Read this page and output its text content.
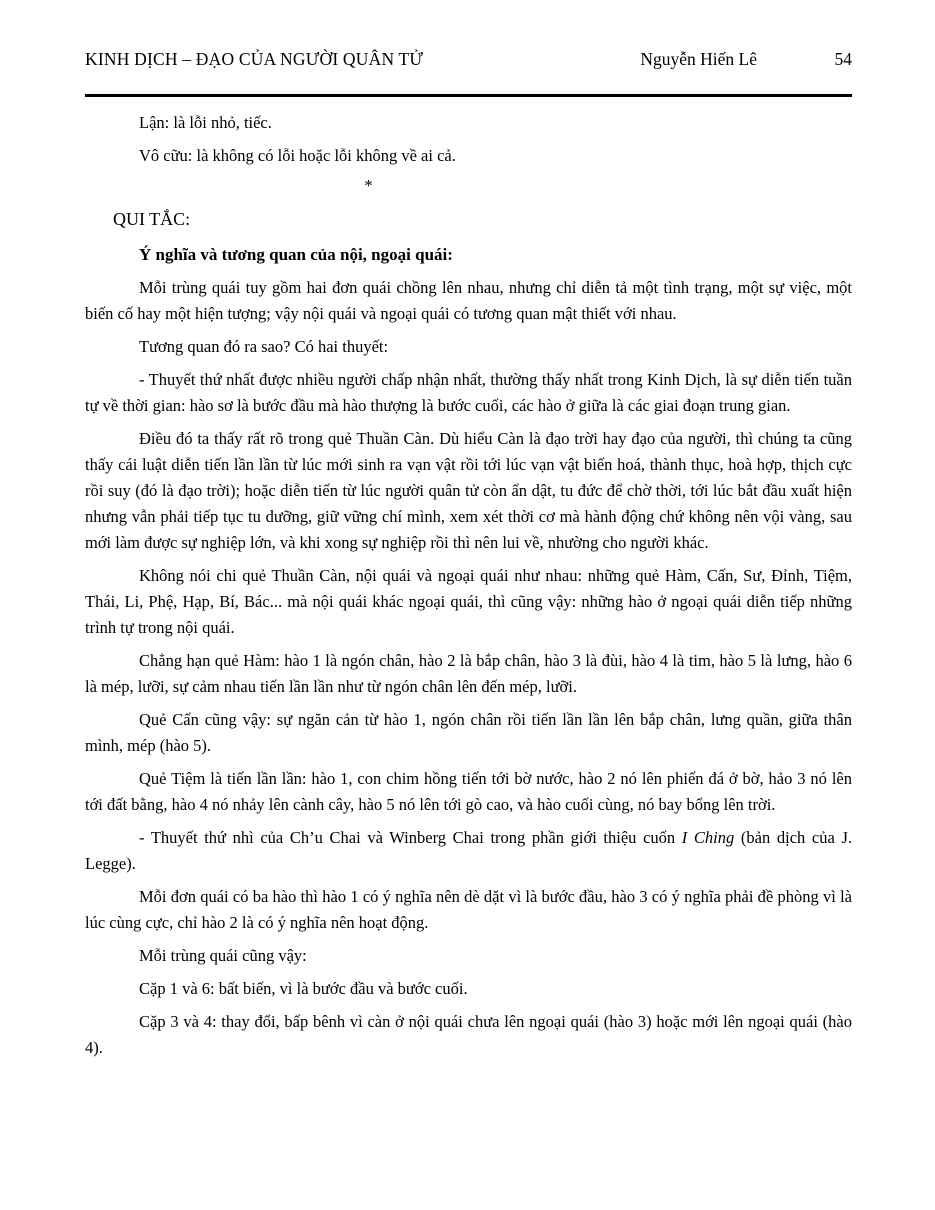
KINH DỊCH – ĐẠO CỦA NGƯỜI QUÂN TỬ	Nguyễn Hiến Lê	54

Lận: là lỗi nhỏ, tiếc.

Vô cữu: là không có lỗi hoặc lỗi không về ai cả.

*

QUI TẮC:

Ý nghĩa và tương quan của nội, ngoại quái:

Mỗi trùng quái tuy gồm hai đơn quái chồng lên nhau, nhưng chỉ diễn tả một tình trạng, một sự việc, một biến cố hay một hiện tượng; vậy nội quái và ngoại quái có tương quan mật thiết với nhau.

Tương quan đó ra sao? Có hai thuyết:

- Thuyết thứ nhất được nhiều người chấp nhận nhất, thường thấy nhất trong Kinh Dịch, là sự diễn tiến tuần tự về thời gian: hào sơ là bước đầu mà hào thượng là bước cuối, các hào ở giữa là các giai đoạn trung gian.

Điều đó ta thấy rất rõ trong quẻ Thuần Càn. Dù hiểu Càn là đạo trời hay đạo của người, thì chúng ta cũng thấy cái luật diễn tiến lần lần từ lúc mới sinh ra vạn vật rồi tới lúc vạn vật biến hoá, thành thục, hoà hợp, thịch cực rồi suy (đó là đạo trời); hoặc diễn tiến từ lúc người quân tử còn ẩn dật, tu đức để chờ thời, tới lúc bắt đầu xuất hiện nhưng vẫn phải tiếp tục tu dưỡng, giữ vững chí mình, xem xét thời cơ mà hành động chứ không nên vội vàng, sau mới làm được sự nghiệp lớn, và khi xong sự nghiệp rồi thì nên lui về, nhường cho người khác.

Không nói chi quẻ Thuần Càn, nội quái và ngoại quái như nhau: những quẻ Hàm, Cấn, Sư, Đỉnh, Tiệm, Thái, Li, Phệ, Hạp, Bí, Bác... mà nội quái khác ngoại quái, thì cũng vậy: những hào ở ngoại quái diễn tiếp những trình tự trong nội quái.

Chẳng hạn quẻ Hàm: hào 1 là ngón chân, hào 2 là bắp chân, hào 3 là đùi, hào 4 là tim, hào 5 là lưng, hào 6 là mép, lưỡi, sự cảm nhau tiến lần lần như từ ngón chân lên đến mép, lưỡi.

Quẻ Cấn cũng vậy: sự ngăn cản từ hào 1, ngón chân rồi tiến lần lần lên bắp chân, lưng quần, giữa thân mình, mép (hào 5).

Quẻ Tiệm là tiến lần lần: hào 1, con chim hồng tiến tới bờ nước, hào 2 nó lên phiến đá ở bờ, hảo 3 nó lên tới đất bằng, hào 4 nó nhảy lên cành cây, hào 5 nó lên tới gò cao, và hào cuối cùng, nó bay bổng lên trời.

- Thuyết thứ nhì của Ch’u Chai và Winberg Chai trong phần giới thiệu cuốn I Ching (bản dịch của J. Legge).

Mỗi đơn quái có ba hào thì hào 1 có ý nghĩa nên dè dặt vì là bước đầu, hào 3 có ý nghĩa phải đề phòng vì là lúc cùng cực, chỉ hào 2 là có ý nghĩa nên hoạt động.

Mỗi trùng quái cũng vậy:

Cặp 1 và 6: bất biến, vì là bước đầu và bước cuối.

Cặp 3 và 4: thay đổi, bấp bênh vì càn ở nội quái chưa lên ngoại quái (hào 3) hoặc mới lên ngoại quái (hào 4).
